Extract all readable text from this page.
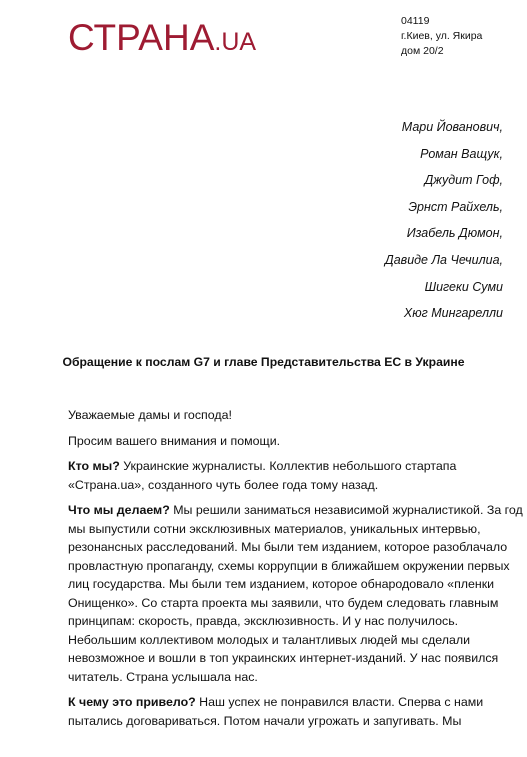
СТРАНА . UA
04119
г.Киев, ул. Якира
дом 20/2
Мари Йованович,
Роман Ващук,
Джудит Гоф,
Эрнст Райхель,
Изабель Дюмон,
Давиде Ла Чечилиа,
Шигеки Суми
Хюг Мингарелли
Обращение к послам G7 и главе Представительства ЕС в Украине

Уважаемые дамы и господа!

Просим вашего внимания и помощи.

Кто мы? Украинские журналисты. Коллектив небольшого стартапа
«Страна.ua», созданного чуть более года тому назад.

Что мы делаем? Мы решили заниматься независимой журналистикой. За год
мы выпустили сотни эксклюзивных материалов, уникальных интервью,
резонансных расследований. Мы были тем изданием, которое разоблачало
провластную пропаганду, схемы коррупции в ближайшем окружении первых
лиц государства. Мы были тем изданием, которое обнародовало «пленки
Онищенко». Со старта проекта мы заявили, что будем следовать главным
принципам: скорость, правда, эксклюзивность. И у нас получилось.
Небольшим коллективом молодых и талантливых людей мы сделали
невозможное и вошли в топ украинских интернет-изданий. У нас появился
читатель. Страна услышала нас.

К чему это привело? Наш успех не понравился власти. Сперва с нами
пытались договариваться. Потом начали угрожать и запугивать. Мы
